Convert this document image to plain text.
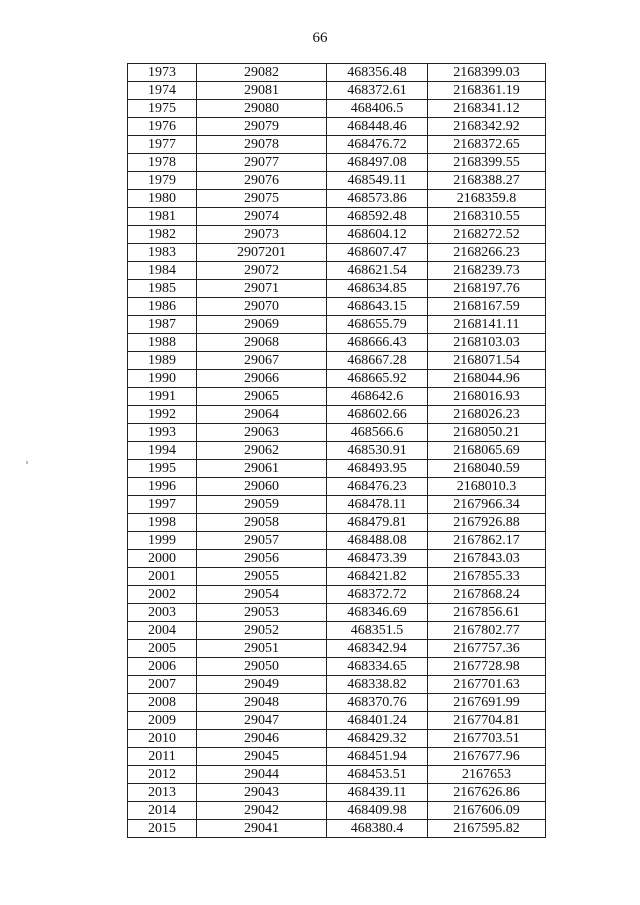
66
1973	29082	468356.48	2168399.03
1974	29081	468372.61	2168361.19
1975	29080	468406.5	2168341.12
1976	29079	468448.46	2168342.92
1977	29078	468476.72	2168372.65
1978	29077	468497.08	2168399.55
1979	29076	468549.11	2168388.27
1980	29075	468573.86	2168359.8
1981	29074	468592.48	2168310.55
1982	29073	468604.12	2168272.52
1983	2907201	468607.47	2168266.23
1984	29072	468621.54	2168239.73
1985	29071	468634.85	2168197.76
1986	29070	468643.15	2168167.59
1987	29069	468655.79	2168141.11
1988	29068	468666.43	2168103.03
1989	29067	468667.28	2168071.54
1990	29066	468665.92	2168044.96
1991	29065	468642.6	2168016.93
1992	29064	468602.66	2168026.23
1993	29063	468566.6	2168050.21
1994	29062	468530.91	2168065.69
1995	29061	468493.95	2168040.59
1996	29060	468476.23	2168010.3
1997	29059	468478.11	2167966.34
1998	29058	468479.81	2167926.88
1999	29057	468488.08	2167862.17
2000	29056	468473.39	2167843.03
2001	29055	468421.82	2167855.33
2002	29054	468372.72	2167868.24
2003	29053	468346.69	2167856.61
2004	29052	468351.5	2167802.77
2005	29051	468342.94	2167757.36
2006	29050	468334.65	2167728.98
2007	29049	468338.82	2167701.63
2008	29048	468370.76	2167691.99
2009	29047	468401.24	2167704.81
2010	29046	468429.32	2167703.51
2011	29045	468451.94	2167677.96
2012	29044	468453.51	2167653
2013	29043	468439.11	2167626.86
2014	29042	468409.98	2167606.09
2015	29041	468380.4	2167595.82
